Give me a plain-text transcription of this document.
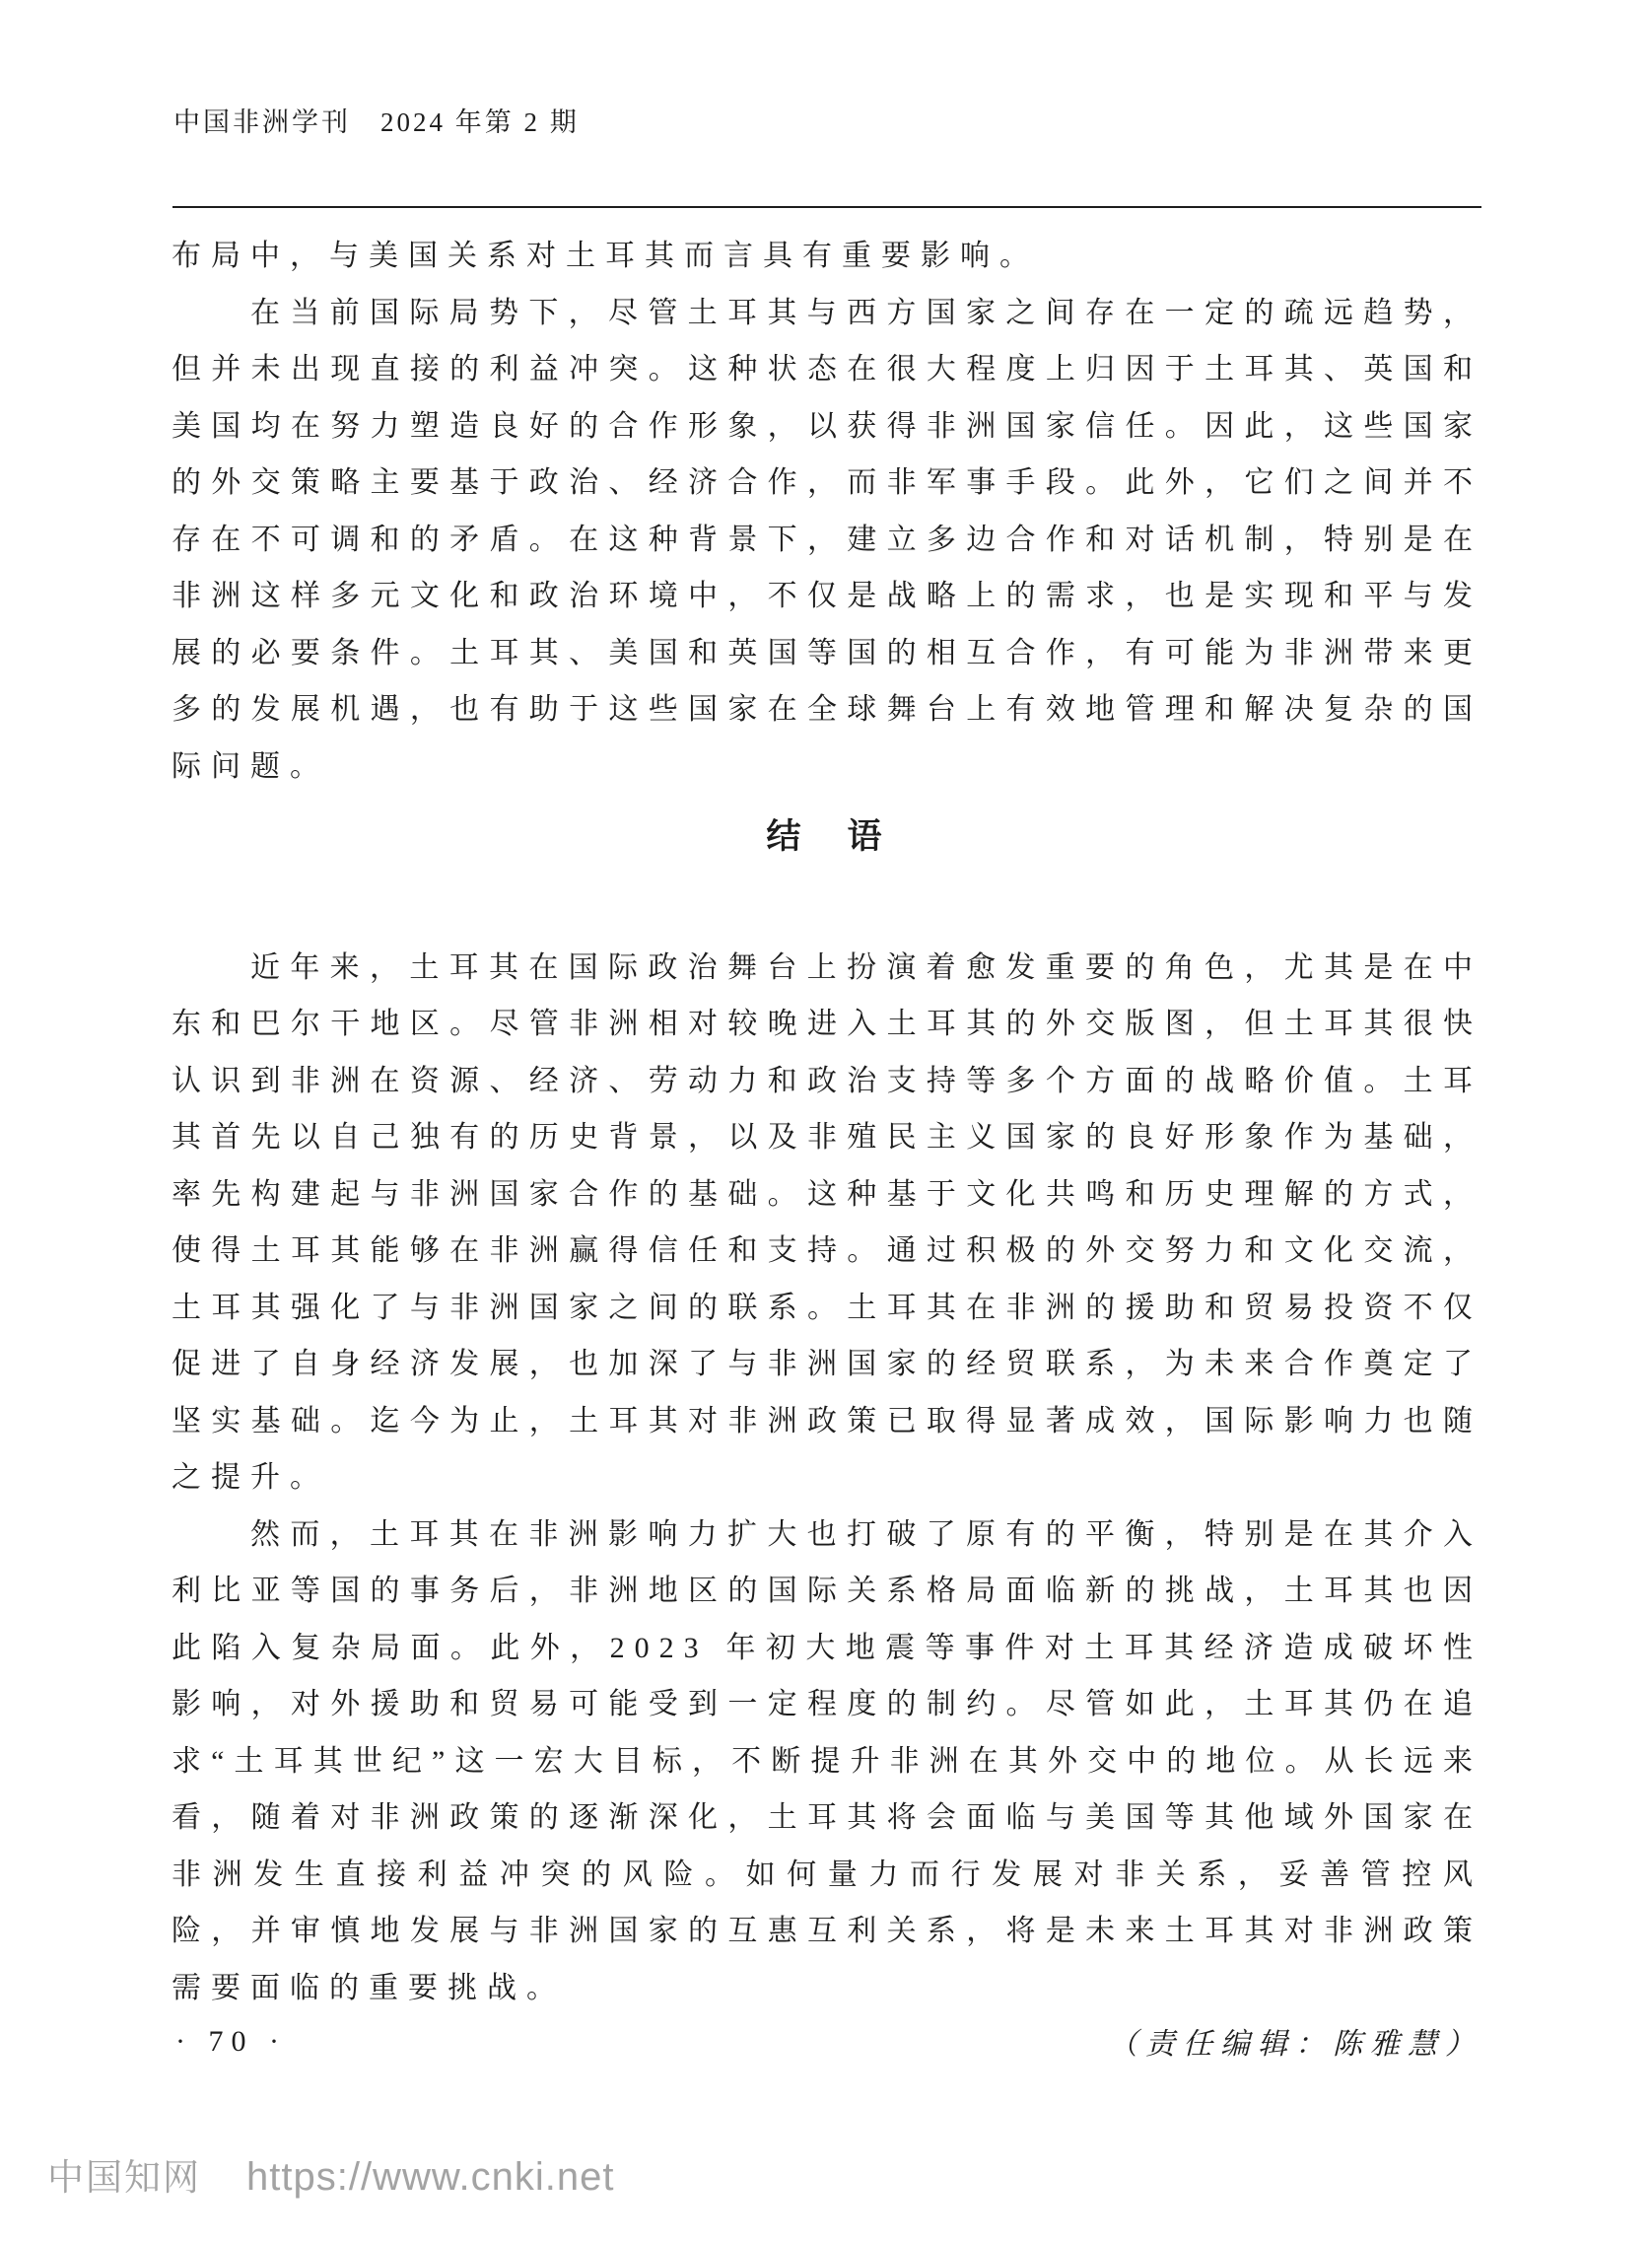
中国非洲学刊　2024 年第 2 期

布局中，与美国关系对土耳其而言具有重要影响。

在当前国际局势下，尽管土耳其与西方国家之间存在一定的疏远趋势，但并未出现直接的利益冲突。这种状态在很大程度上归因于土耳其、英国和美国均在努力塑造良好的合作形象，以获得非洲国家信任。因此，这些国家的外交策略主要基于政治、经济合作，而非军事手段。此外，它们之间并不存在不可调和的矛盾。在这种背景下，建立多边合作和对话机制，特别是在非洲这样多元文化和政治环境中，不仅是战略上的需求，也是实现和平与发展的必要条件。土耳其、美国和英国等国的相互合作，有可能为非洲带来更多的发展机遇，也有助于这些国家在全球舞台上有效地管理和解决复杂的国际问题。

结　语

近年来，土耳其在国际政治舞台上扮演着愈发重要的角色，尤其是在中东和巴尔干地区。尽管非洲相对较晚进入土耳其的外交版图，但土耳其很快认识到非洲在资源、经济、劳动力和政治支持等多个方面的战略价值。土耳其首先以自己独有的历史背景，以及非殖民主义国家的良好形象作为基础，率先构建起与非洲国家合作的基础。这种基于文化共鸣和历史理解的方式，使得土耳其能够在非洲赢得信任和支持。通过积极的外交努力和文化交流，土耳其强化了与非洲国家之间的联系。土耳其在非洲的援助和贸易投资不仅促进了自身经济发展，也加深了与非洲国家的经贸联系，为未来合作奠定了坚实基础。迄今为止，土耳其对非洲政策已取得显著成效，国际影响力也随之提升。

然而，土耳其在非洲影响力扩大也打破了原有的平衡，特别是在其介入利比亚等国的事务后，非洲地区的国际关系格局面临新的挑战，土耳其也因此陷入复杂局面。此外，2023 年初大地震等事件对土耳其经济造成破坏性影响，对外援助和贸易可能受到一定程度的制约。尽管如此，土耳其仍在追求“土耳其世纪”这一宏大目标，不断提升非洲在其外交中的地位。从长远来看，随着对非洲政策的逐渐深化，土耳其将会面临与美国等其他域外国家在非洲发生直接利益冲突的风险。如何量力而行发展对非关系，妥善管控风险，并审慎地发展与非洲国家的互惠互利关系，将是未来土耳其对非洲政策需要面临的重要挑战。

（责任编辑：陈雅慧）

· 70 ·
中国知网 https://www.cnki.net
